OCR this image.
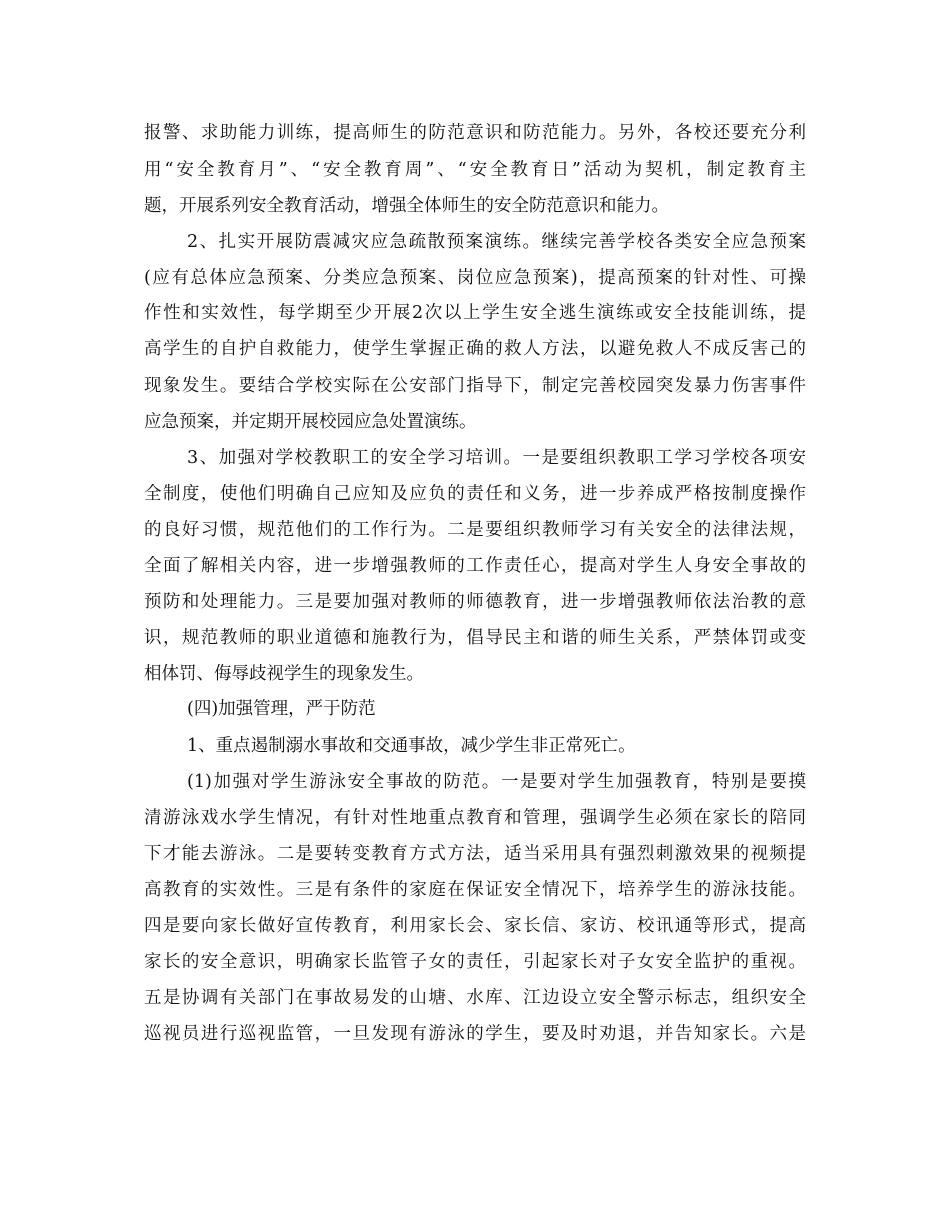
报警、求助能力训练，提高师生的防范意识和防范能力。另外，各校还要充分利
用“安全教育月”、“安全教育周”、“安全教育日”活动为契机，制定教育主
题，开展系列安全教育活动，增强全体师生的安全防范意识和能力。
2、扎实开展防震减灾应急疏散预案演练。继续完善学校各类安全应急预案
(应有总体应急预案、分类应急预案、岗位应急预案)，提高预案的针对性、可操
作性和实效性，每学期至少开展2次以上学生安全逃生演练或安全技能训练，提
高学生的自护自救能力，使学生掌握正确的救人方法，以避免救人不成反害己的
现象发生。要结合学校实际在公安部门指导下，制定完善校园突发暴力伤害事件
应急预案，并定期开展校园应急处置演练。
3、加强对学校教职工的安全学习培训。一是要组织教职工学习学校各项安
全制度，使他们明确自己应知及应负的责任和义务，进一步养成严格按制度操作
的良好习惯，规范他们的工作行为。二是要组织教师学习有关安全的法律法规，
全面了解相关内容，进一步增强教师的工作责任心，提高对学生人身安全事故的
预防和处理能力。三是要加强对教师的师德教育，进一步增强教师依法治教的意
识，规范教师的职业道德和施教行为，倡导民主和谐的师生关系，严禁体罚或变
相体罚、侮辱歧视学生的现象发生。
(四)加强管理，严于防范
1、重点遏制溺水事故和交通事故，减少学生非正常死亡。
(1)加强对学生游泳安全事故的防范。一是要对学生加强教育，特别是要摸
清游泳戏水学生情况，有针对性地重点教育和管理，强调学生必须在家长的陪同
下才能去游泳。二是要转变教育方式方法，适当采用具有强烈刺激效果的视频提
高教育的实效性。三是有条件的家庭在保证安全情况下，培养学生的游泳技能。
四是要向家长做好宣传教育，利用家长会、家长信、家访、校讯通等形式，提高
家长的安全意识，明确家长监管子女的责任，引起家长对子女安全监护的重视。
五是协调有关部门在事故易发的山塘、水库、江边设立安全警示标志，组织安全
巡视员进行巡视监管，一旦发现有游泳的学生，要及时劝退，并告知家长。六是
